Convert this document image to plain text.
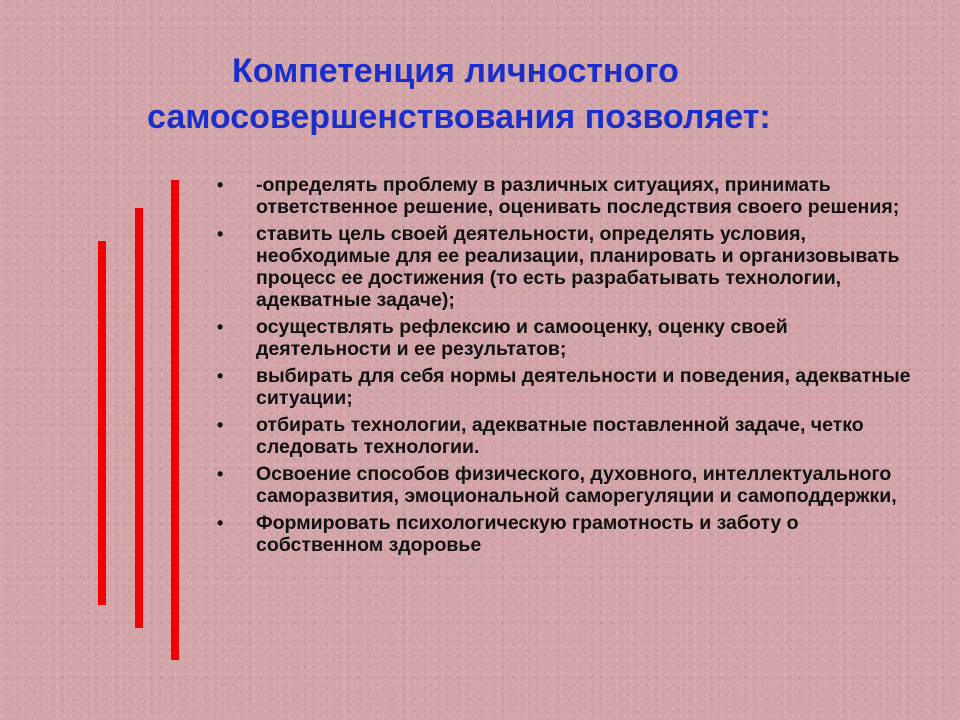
Компетенция личностного
самосовершенствования позволяет:
•	-определять проблему в различных ситуациях, принимать ответственное решение, оценивать последствия своего решения;
•	ставить цель своей деятельности, определять условия, необходимые для ее реализации, планировать и организовывать процесс ее достижения (то есть разрабатывать технологии, адекватные задаче);
•	осуществлять рефлексию и самооценку, оценку своей деятельности и ее результатов;
•	выбирать для себя нормы деятельности и поведения, адекватные ситуации;
•	отбирать технологии, адекватные поставленной задаче, четко следовать технологии.
•	Освоение способов физического, духовного, интеллектуального саморазвития, эмоциональной саморегуляции и самоподдержки,
•	Формировать психологическую грамотность и заботу о собственном здоровье
